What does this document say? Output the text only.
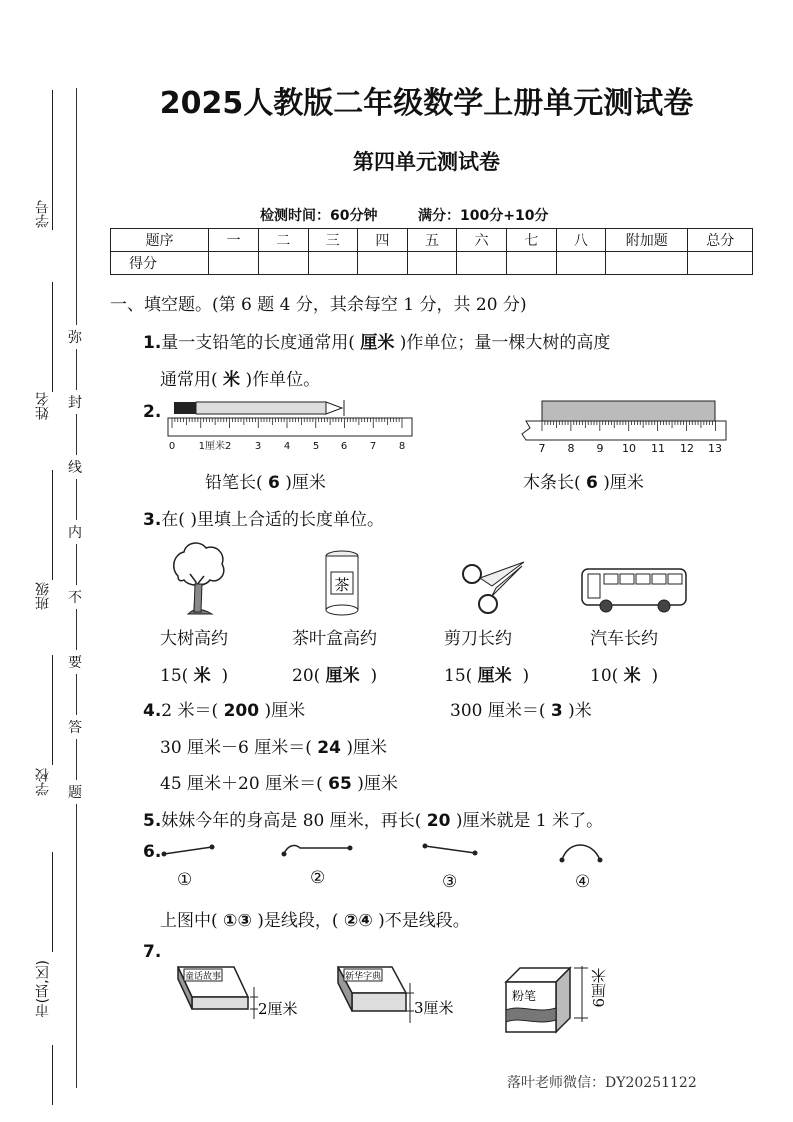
学号
姓名
班级
学校
市(县,区)
弥
封
线
内
不
要
答
题
2025人教版二年级数学上册单元测试卷
第四单元测试卷
检测时间：60分钟	满分：100分+10分
题序	一	二	三	四	五	六	七	八	附加题	总分
得分										
一、填空题。(第 6 题 4 分，其余每空 1 分，共 20 分)
1.量一支铅笔的长度通常用( 厘米 )作单位；量一棵大树的高度
通常用( 米 )作单位。
2.
0 1厘米2 3 4 5 6 7 8	7 8 9 10 11 12 13
铅笔长( 6 )厘米	木条长( 6 )厘米
3.在( )里填上合适的长度单位。
茶
大树高约	茶叶盒高约	剪刀长约	汽车长约
15( 米 )	20( 厘米 )	15( 厘米 )	10( 米 )
4.2 米＝( 200 )厘米	300 厘米＝( 3 )米
30 厘米－6 厘米＝( 24 )厘米
45 厘米＋20 厘米＝( 65 )厘米
5.妹妹今年的身高是 80 厘米，再长( 20 )厘米就是 1 米了。
6.
①	②	③	④
上图中( ①③ )是线段，( ②④ )不是线段。
7.
童话故事
2厘米
新华字典
3厘米
粉笔	6厘米
落叶老师微信：DY20251122
